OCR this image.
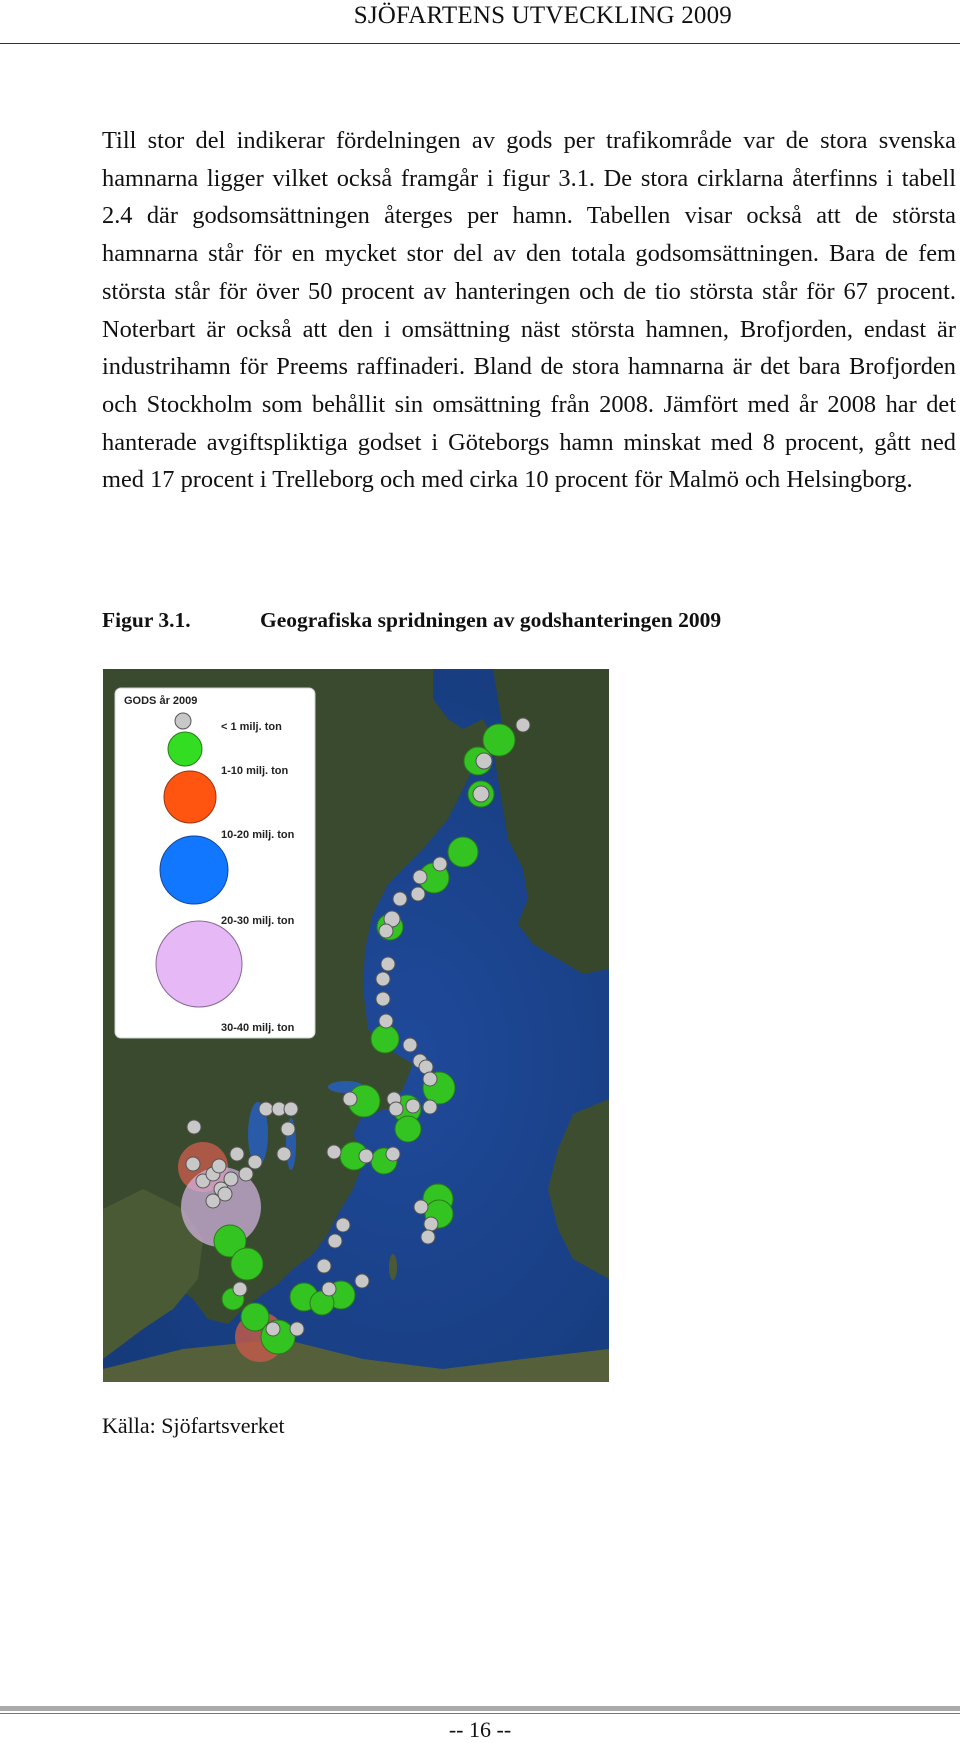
SJÖFARTENS UTVECKLING 2009

Till stor del indikerar fördelningen av gods per trafikområde var de stora svenska hamnarna ligger vilket också framgår i figur 3.1. De stora cirklarna återfinns i tabell 2.4 där godsomsättningen återges per hamn. Tabellen visar också att de största hamnarna står för en mycket stor del av den totala godsomsättningen. Bara de fem största står för över 50 procent av hanteringen och de tio största står för 67 procent. Noterbart är också att den i omsättning näst största hamnen, Brofjorden, endast är industrihamn för Preems raffinaderi. Bland de stora hamnarna är det bara Brofjorden och Stockholm som behållit sin omsättning från 2008. Jämfört med år 2008 har det hanterade avgiftspliktiga godset i Göteborgs hamn minskat med 8 procent, gått ned med 17 procent i Trelleborg och med cirka 10 procent för Malmö och Helsingborg.

Figur 3.1.	Geografiska spridningen av godshanteringen 2009
GODS år 2009
< 1 milj. ton
1-10 milj. ton
10-20 milj. ton
20-30 milj. ton
30-40 milj. ton
Källa: Sjöfartsverket
-- 16 --
